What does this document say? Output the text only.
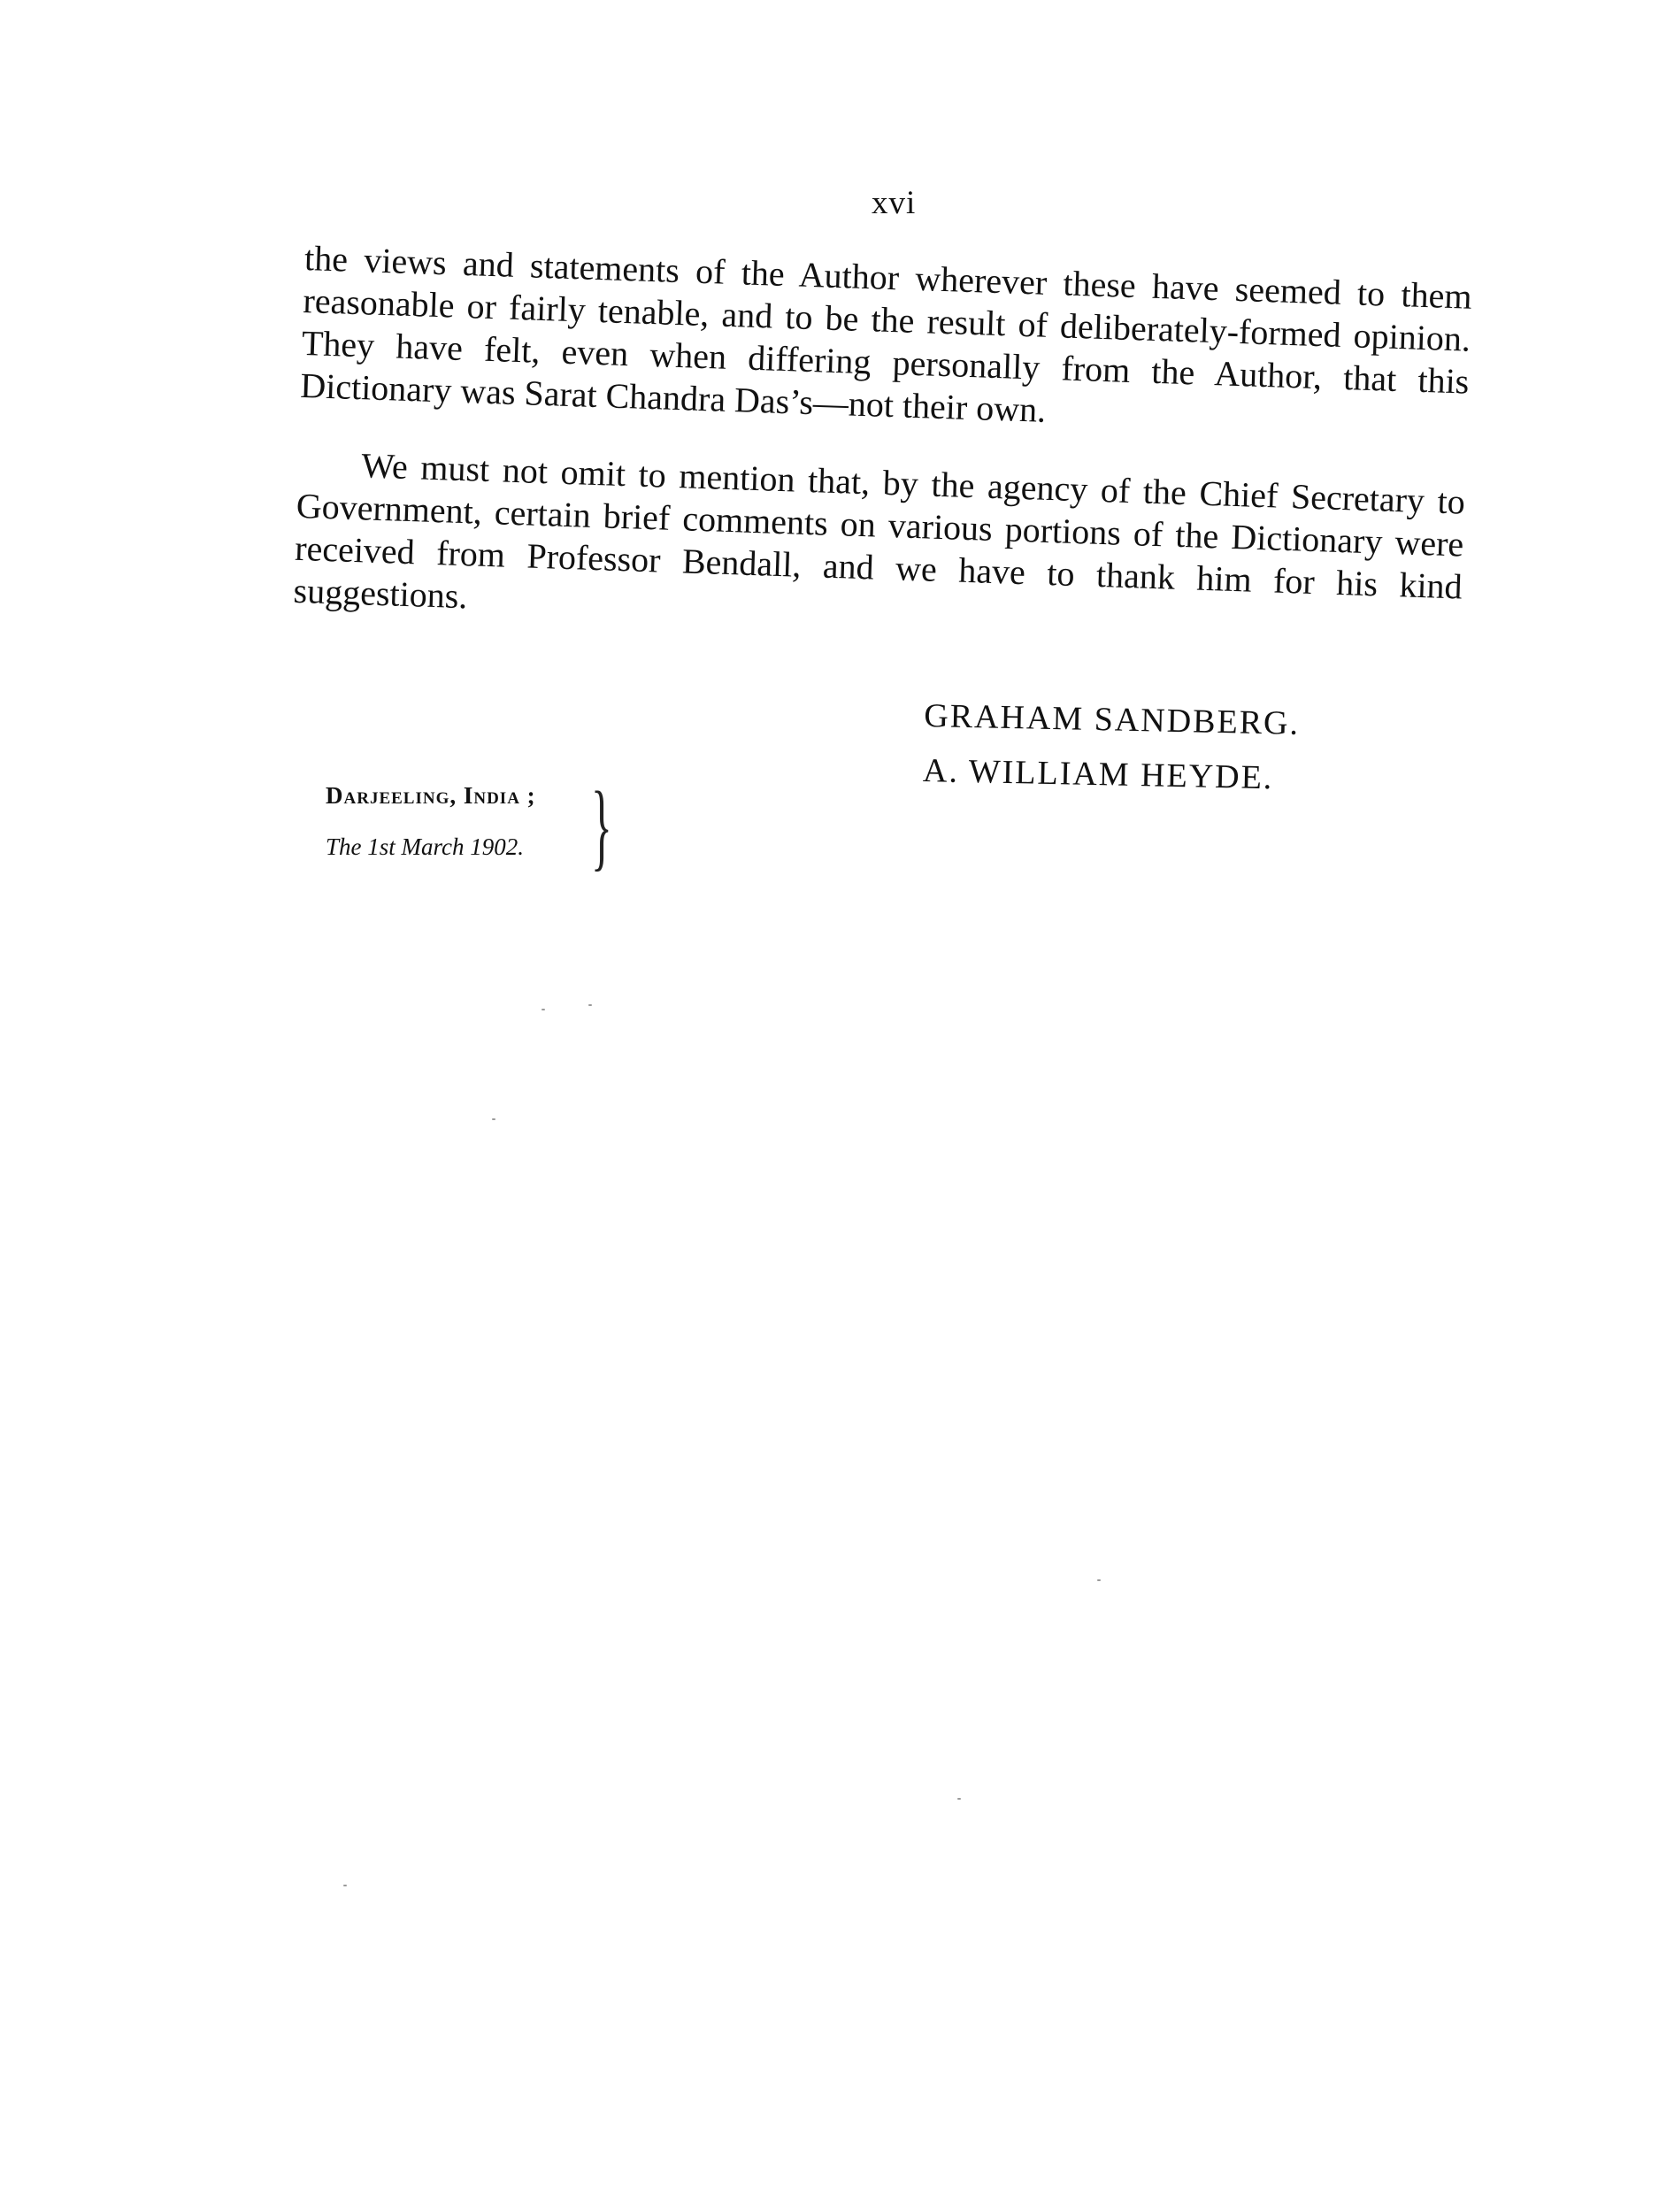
xvi

the views and statements of the Author wherever these have seemed to them reasonable or fairly tenable, and to be the result of deliberately-formed opinion. They have felt, even when differing personally from the Author, that this Dictionary was Sarat Chandra Das’s—not their own.

We must not omit to mention that, by the agency of the Chief Secretary to Government, certain brief comments on various portions of the Dictionary were received from Professor Bendall, and we have to thank him for his kind suggestions.

GRAHAM SANDBERG.
A. WILLIAM HEYDE.
Darjeeling, India ;
The 1st March 1902. }
